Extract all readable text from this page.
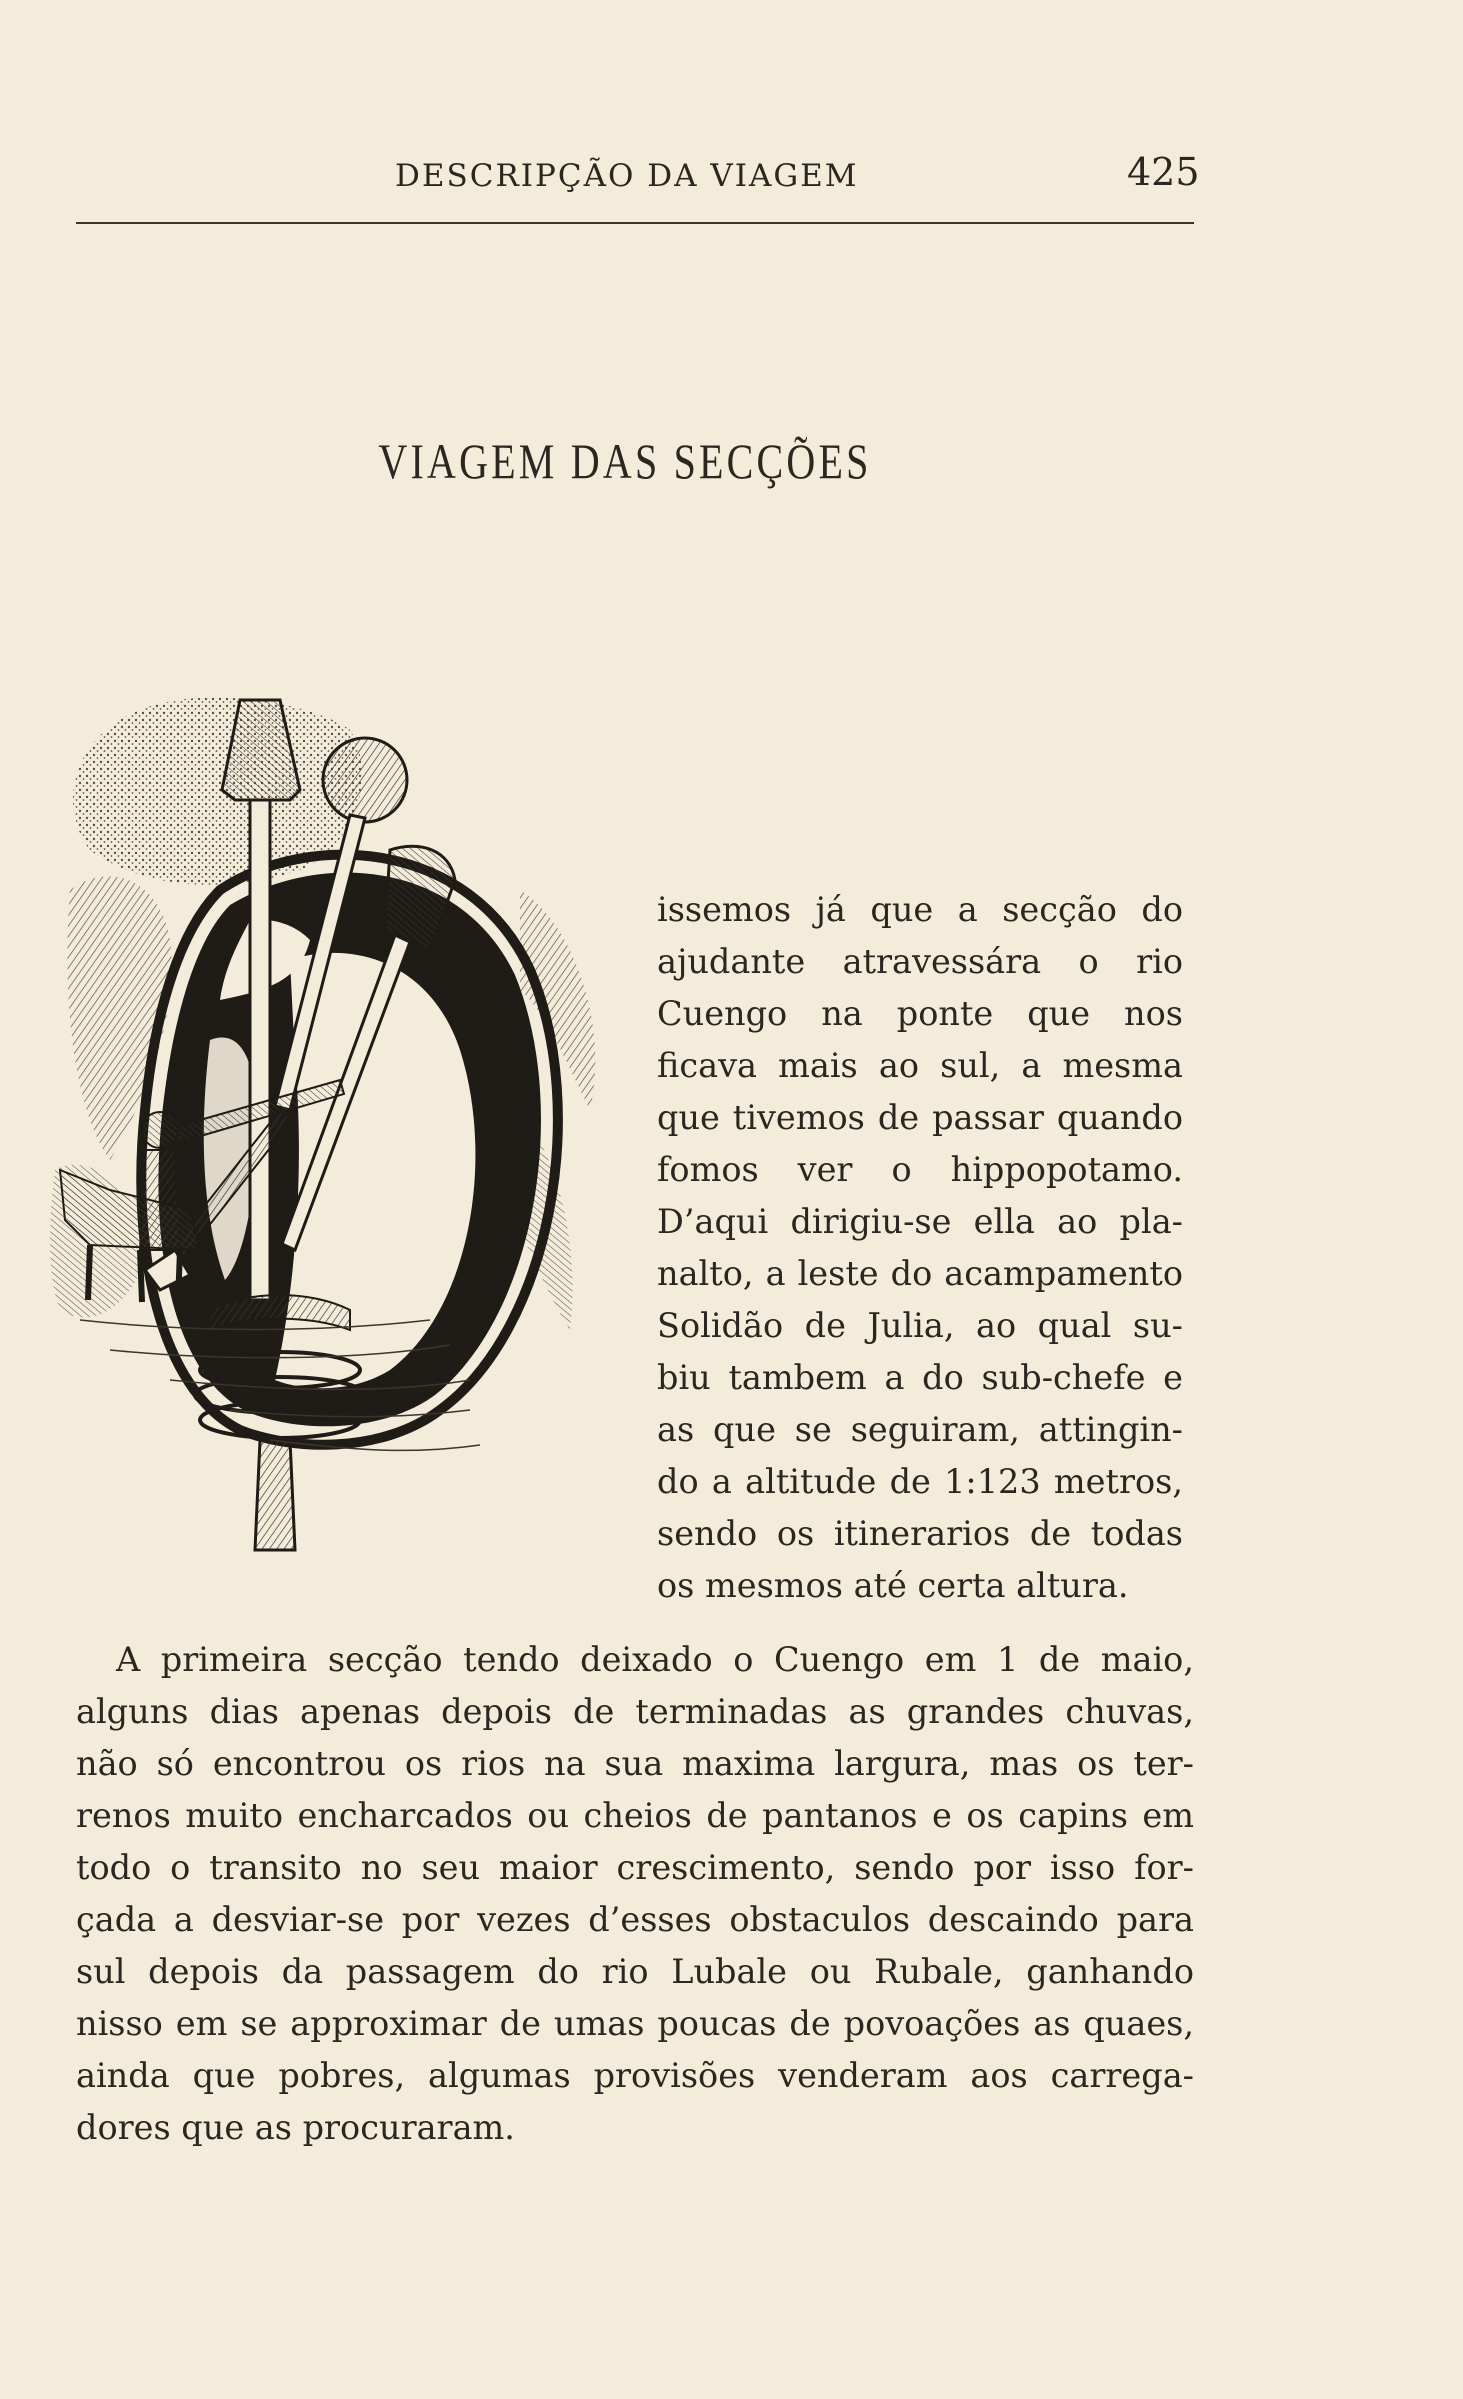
DESCRIPÇÃO DA VIAGEM	425
VIAGEM DAS SECÇÕES
issemos já que a secção do
ajudante atravessára o rio
Cuengo na ponte que nos
ficava mais ao sul, a mesma
que tivemos de passar quando
fomos ver o hippopotamo.
D’aqui dirigiu-se ella ao pla-
nalto, a leste do acampamento
Solidão de Julia, ao qual su-
biu tambem a do sub-chefe e
as que se seguiram, attingin-
do a altitude de 1:123 metros,
sendo os itinerarios de todas
os mesmos até certa altura.
A primeira secção tendo deixado o Cuengo em 1 de maio,
alguns dias apenas depois de terminadas as grandes chuvas,
não só encontrou os rios na sua maxima largura, mas os ter-
renos muito encharcados ou cheios de pantanos e os capins em
todo o transito no seu maior crescimento, sendo por isso for-
çada a desviar-se por vezes d’esses obstaculos descaindo para
sul depois da passagem do rio Lubale ou Rubale, ganhando
nisso em se approximar de umas poucas de povoações as quaes,
ainda que pobres, algumas provisões venderam aos carrega-
dores que as procuraram.
